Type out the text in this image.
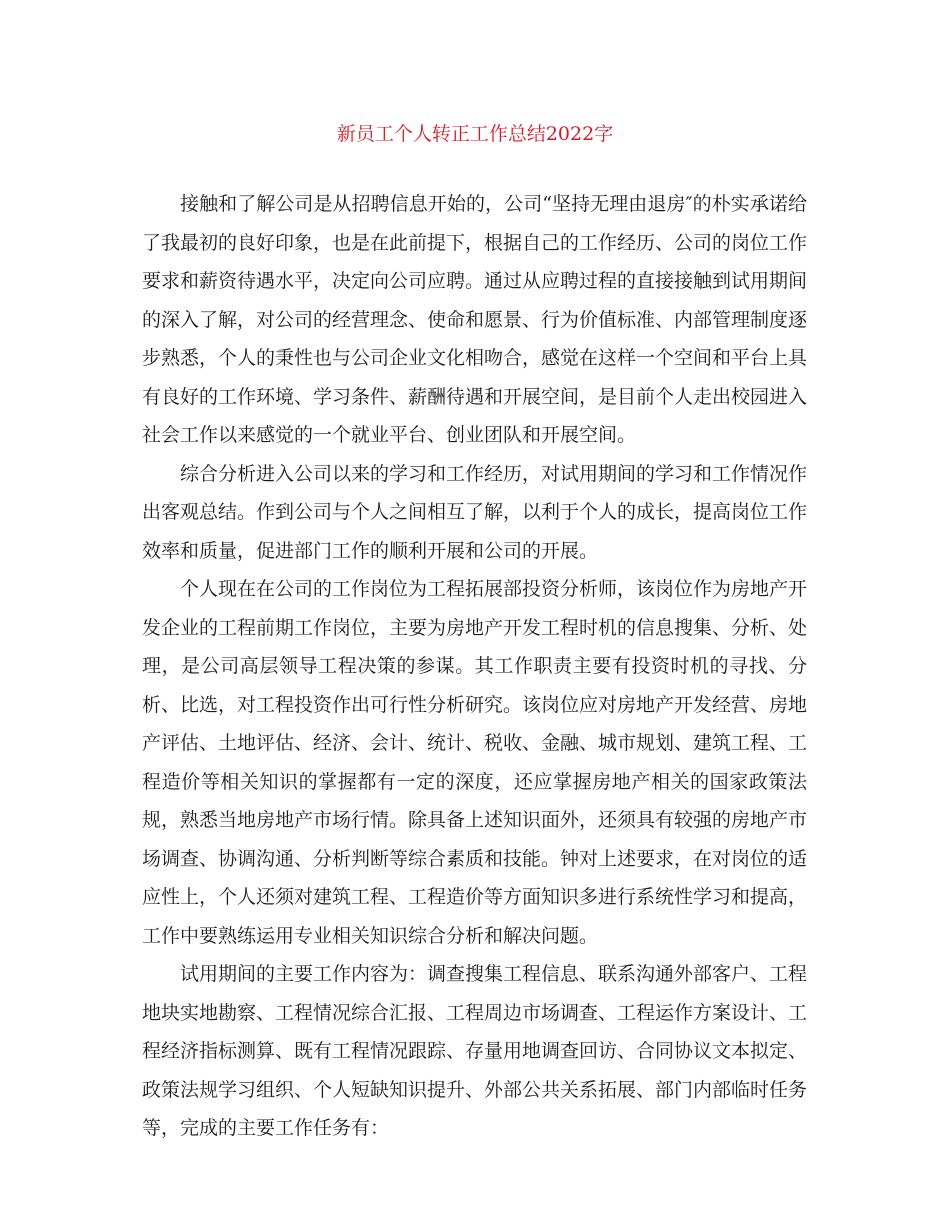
新员工个人转正工作总结2022字

接触和了解公司是从招聘信息开始的，公司“坚持无理由退房″的朴实承诺给了我最初的良好印象，也是在此前提下，根据自己的工作经历、公司的岗位工作要求和薪资待遇水平，决定向公司应聘。通过从应聘过程的直接接触到试用期间的深入了解，对公司的经营理念、使命和愿景、行为价值标准、内部管理制度逐步熟悉，个人的秉性也与公司企业文化相吻合，感觉在这样一个空间和平台上具有良好的工作环境、学习条件、薪酬待遇和开展空间，是目前个人走出校园进入社会工作以来感觉的一个就业平台、创业团队和开展空间。

综合分析进入公司以来的学习和工作经历，对试用期间的学习和工作情况作出客观总结。作到公司与个人之间相互了解，以利于个人的成长，提高岗位工作效率和质量，促进部门工作的顺利开展和公司的开展。

个人现在在公司的工作岗位为工程拓展部投资分析师，该岗位作为房地产开发企业的工程前期工作岗位，主要为房地产开发工程时机的信息搜集、分析、处理，是公司高层领导工程决策的参谋。其工作职责主要有投资时机的寻找、分析、比选，对工程投资作出可行性分析研究。该岗位应对房地产开发经营、房地产评估、土地评估、经济、会计、统计、税收、金融、城市规划、建筑工程、工程造价等相关知识的掌握都有一定的深度，还应掌握房地产相关的国家政策法规，熟悉当地房地产市场行情。除具备上述知识面外，还须具有较强的房地产市场调查、协调沟通、分析判断等综合素质和技能。钟对上述要求，在对岗位的适应性上，个人还须对建筑工程、工程造价等方面知识多进行系统性学习和提高，工作中要熟练运用专业相关知识综合分析和解决问题。

试用期间的主要工作内容为：调查搜集工程信息、联系沟通外部客户、工程地块实地勘察、工程情况综合汇报、工程周边市场调查、工程运作方案设计、工程经济指标测算、既有工程情况跟踪、存量用地调查回访、合同协议文本拟定、政策法规学习组织、个人短缺知识提升、外部公共关系拓展、部门内部临时任务等，完成的主要工作任务有：
